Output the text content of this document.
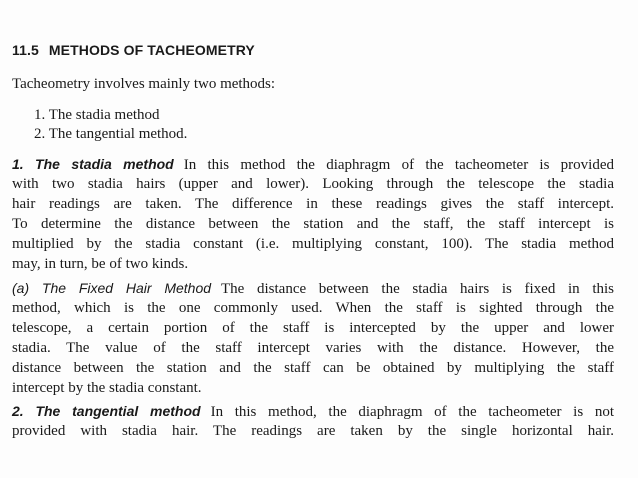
11.5 METHODS OF TACHEOMETRY
Tacheometry involves mainly two methods:
1. The stadia method
2. The tangential method.
1. The stadia method In this method the diaphragm of the tacheometer is provided
with two stadia hairs (upper and lower). Looking through the telescope the stadia
hair readings are taken. The difference in these readings gives the staff intercept.
To determine the distance between the station and the staff, the staff intercept is
multiplied by the stadia constant (i.e. multiplying constant, 100). The stadia method
may, in turn, be of two kinds.
(a) The Fixed Hair Method The distance between the stadia hairs is fixed in this
method, which is the one commonly used. When the staff is sighted through the
telescope, a certain portion of the staff is intercepted by the upper and lower
stadia. The value of the staff intercept varies with the distance. However, the
distance between the station and the staff can be obtained by multiplying the staff
intercept by the stadia constant.
2. The tangential method In this method, the diaphragm of the tacheometer is not
provided with stadia hair. The readings are taken by the single horizontal hair.
